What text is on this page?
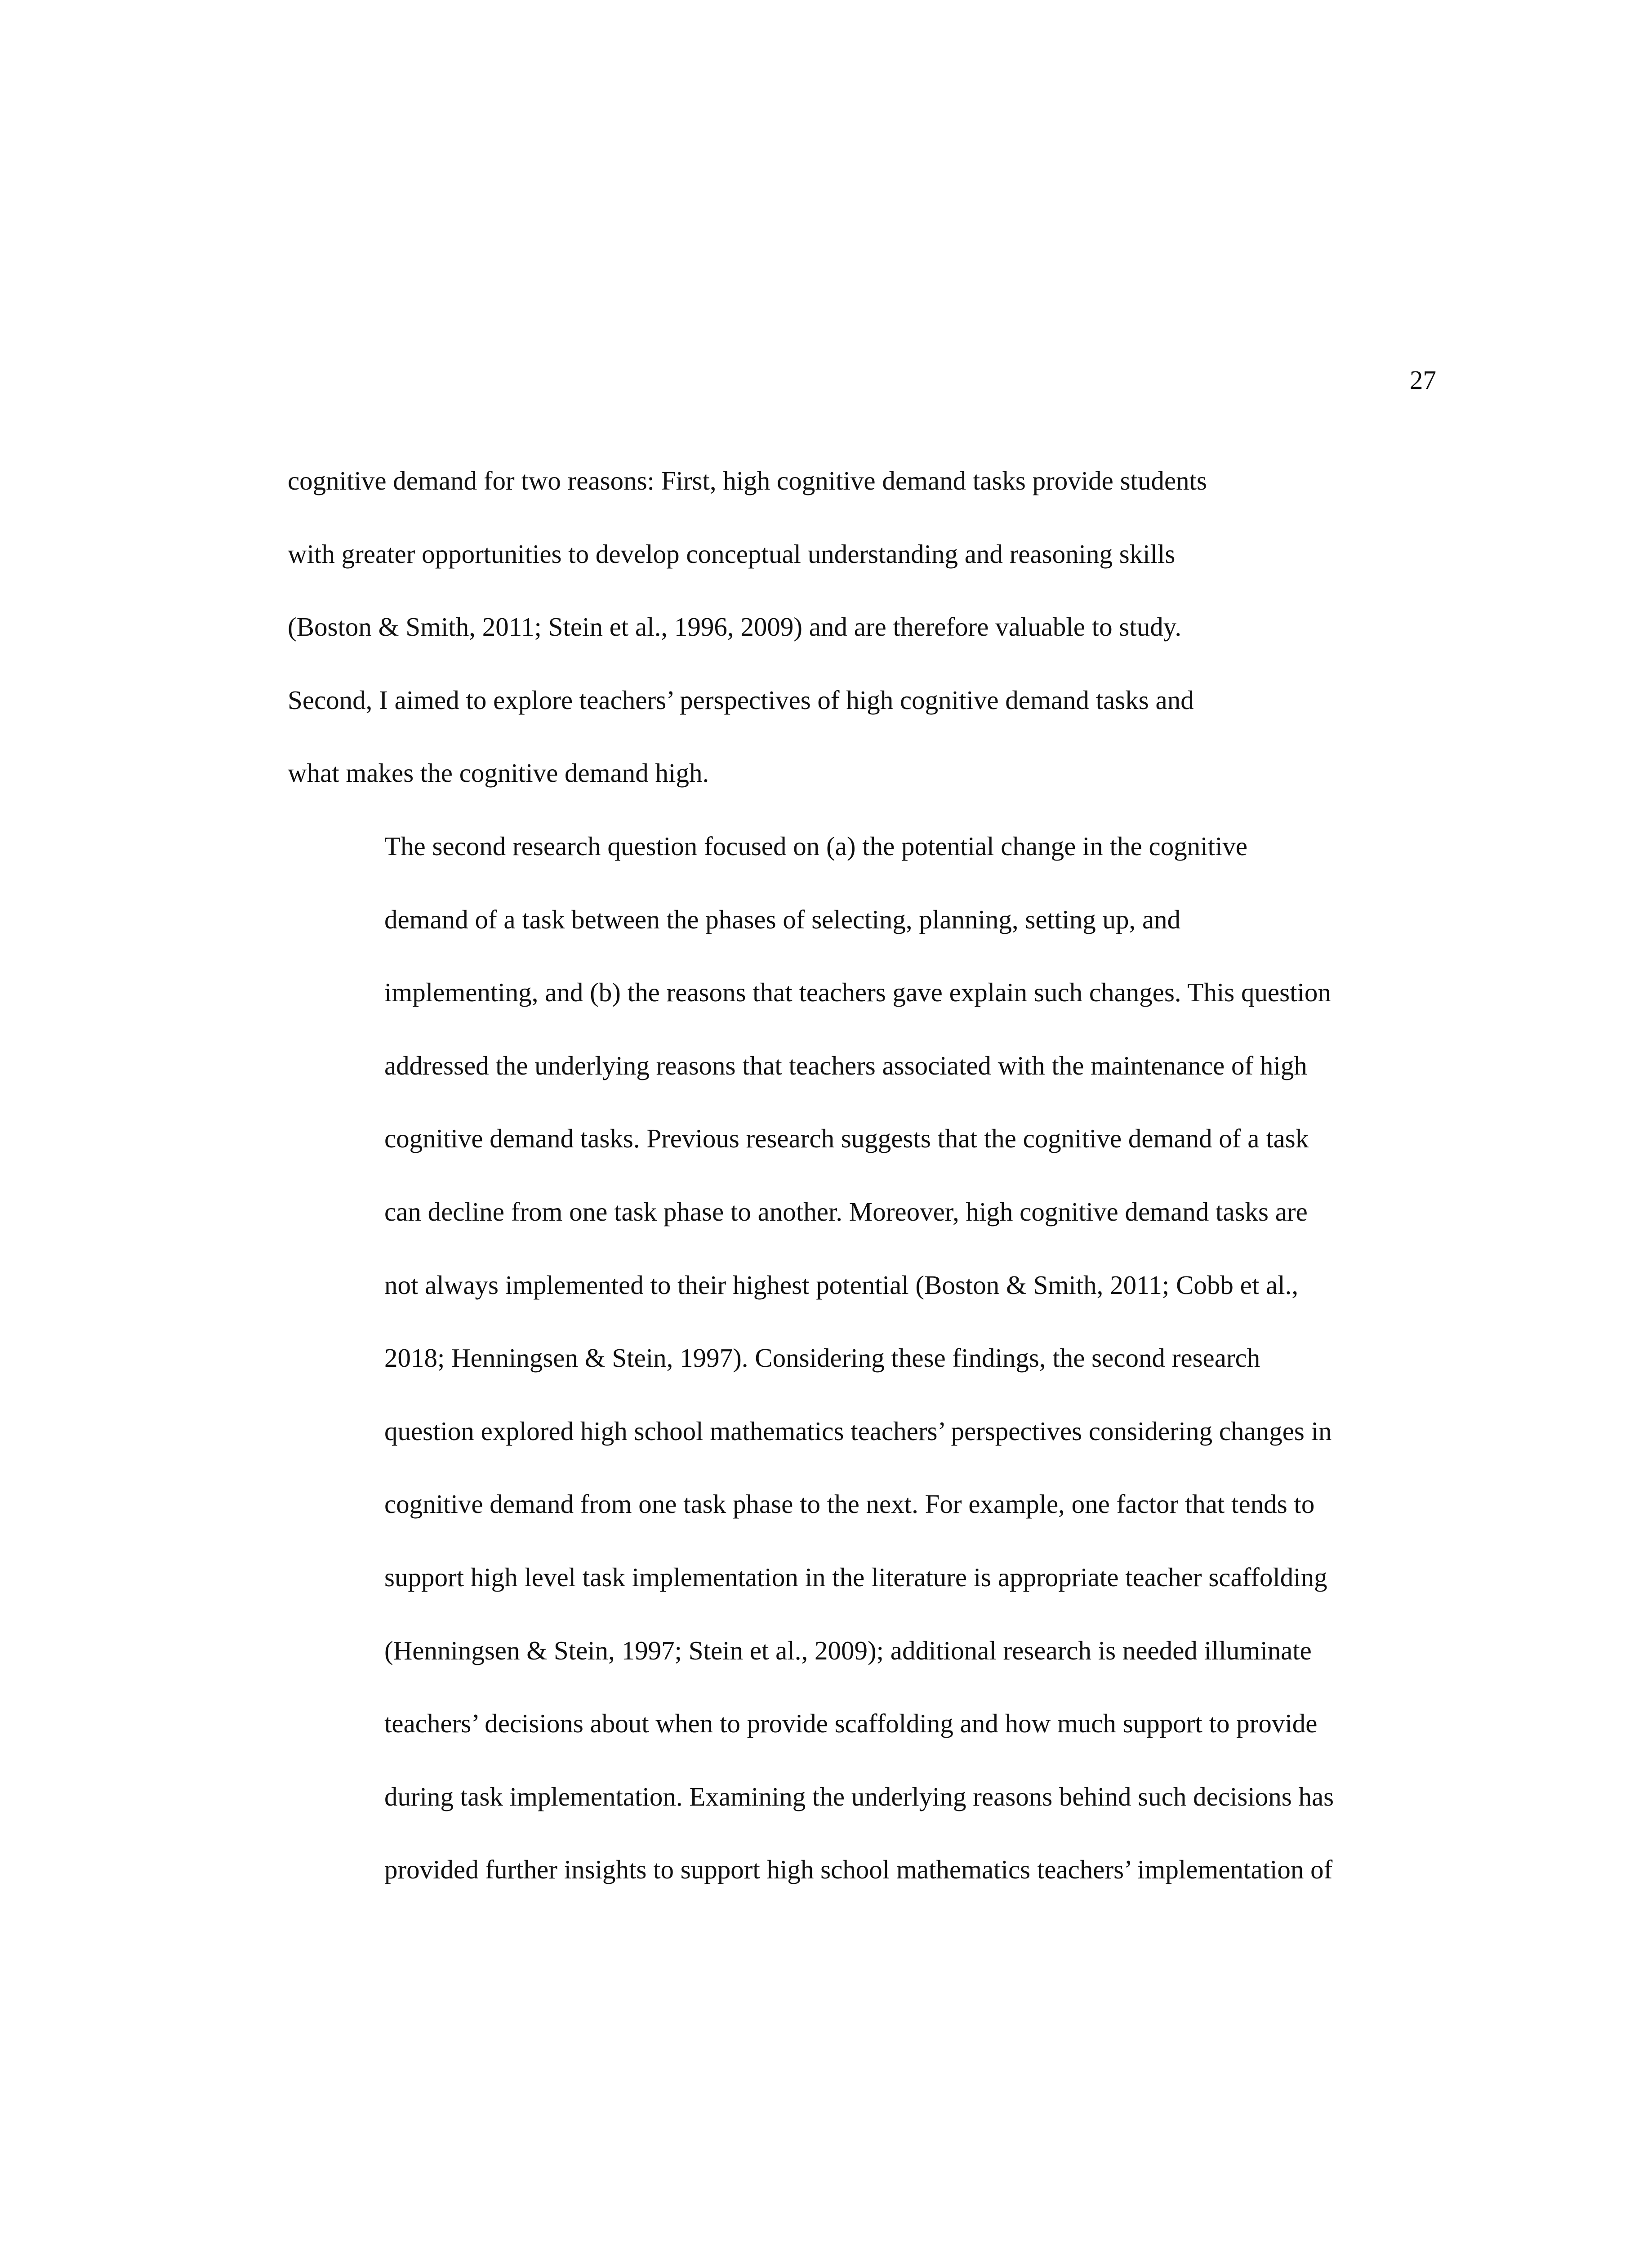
27

cognitive demand for two reasons: First, high cognitive demand tasks provide students
with greater opportunities to develop conceptual understanding and reasoning skills
(Boston & Smith, 2011; Stein et al., 1996, 2009) and are therefore valuable to study.
Second, I aimed to explore teachers’ perspectives of high cognitive demand tasks and
what makes the cognitive demand high.

The second research question focused on (a) the potential change in the cognitive
demand of a task between the phases of selecting, planning, setting up, and
implementing, and (b) the reasons that teachers gave explain such changes. This question
addressed the underlying reasons that teachers associated with the maintenance of high
cognitive demand tasks. Previous research suggests that the cognitive demand of a task
can decline from one task phase to another. Moreover, high cognitive demand tasks are
not always implemented to their highest potential (Boston & Smith, 2011; Cobb et al.,
2018; Henningsen & Stein, 1997). Considering these findings, the second research
question explored high school mathematics teachers’ perspectives considering changes in
cognitive demand from one task phase to the next. For example, one factor that tends to
support high level task implementation in the literature is appropriate teacher scaffolding
(Henningsen & Stein, 1997; Stein et al., 2009); additional research is needed illuminate
teachers’ decisions about when to provide scaffolding and how much support to provide
during task implementation. Examining the underlying reasons behind such decisions has
provided further insights to support high school mathematics teachers’ implementation of
